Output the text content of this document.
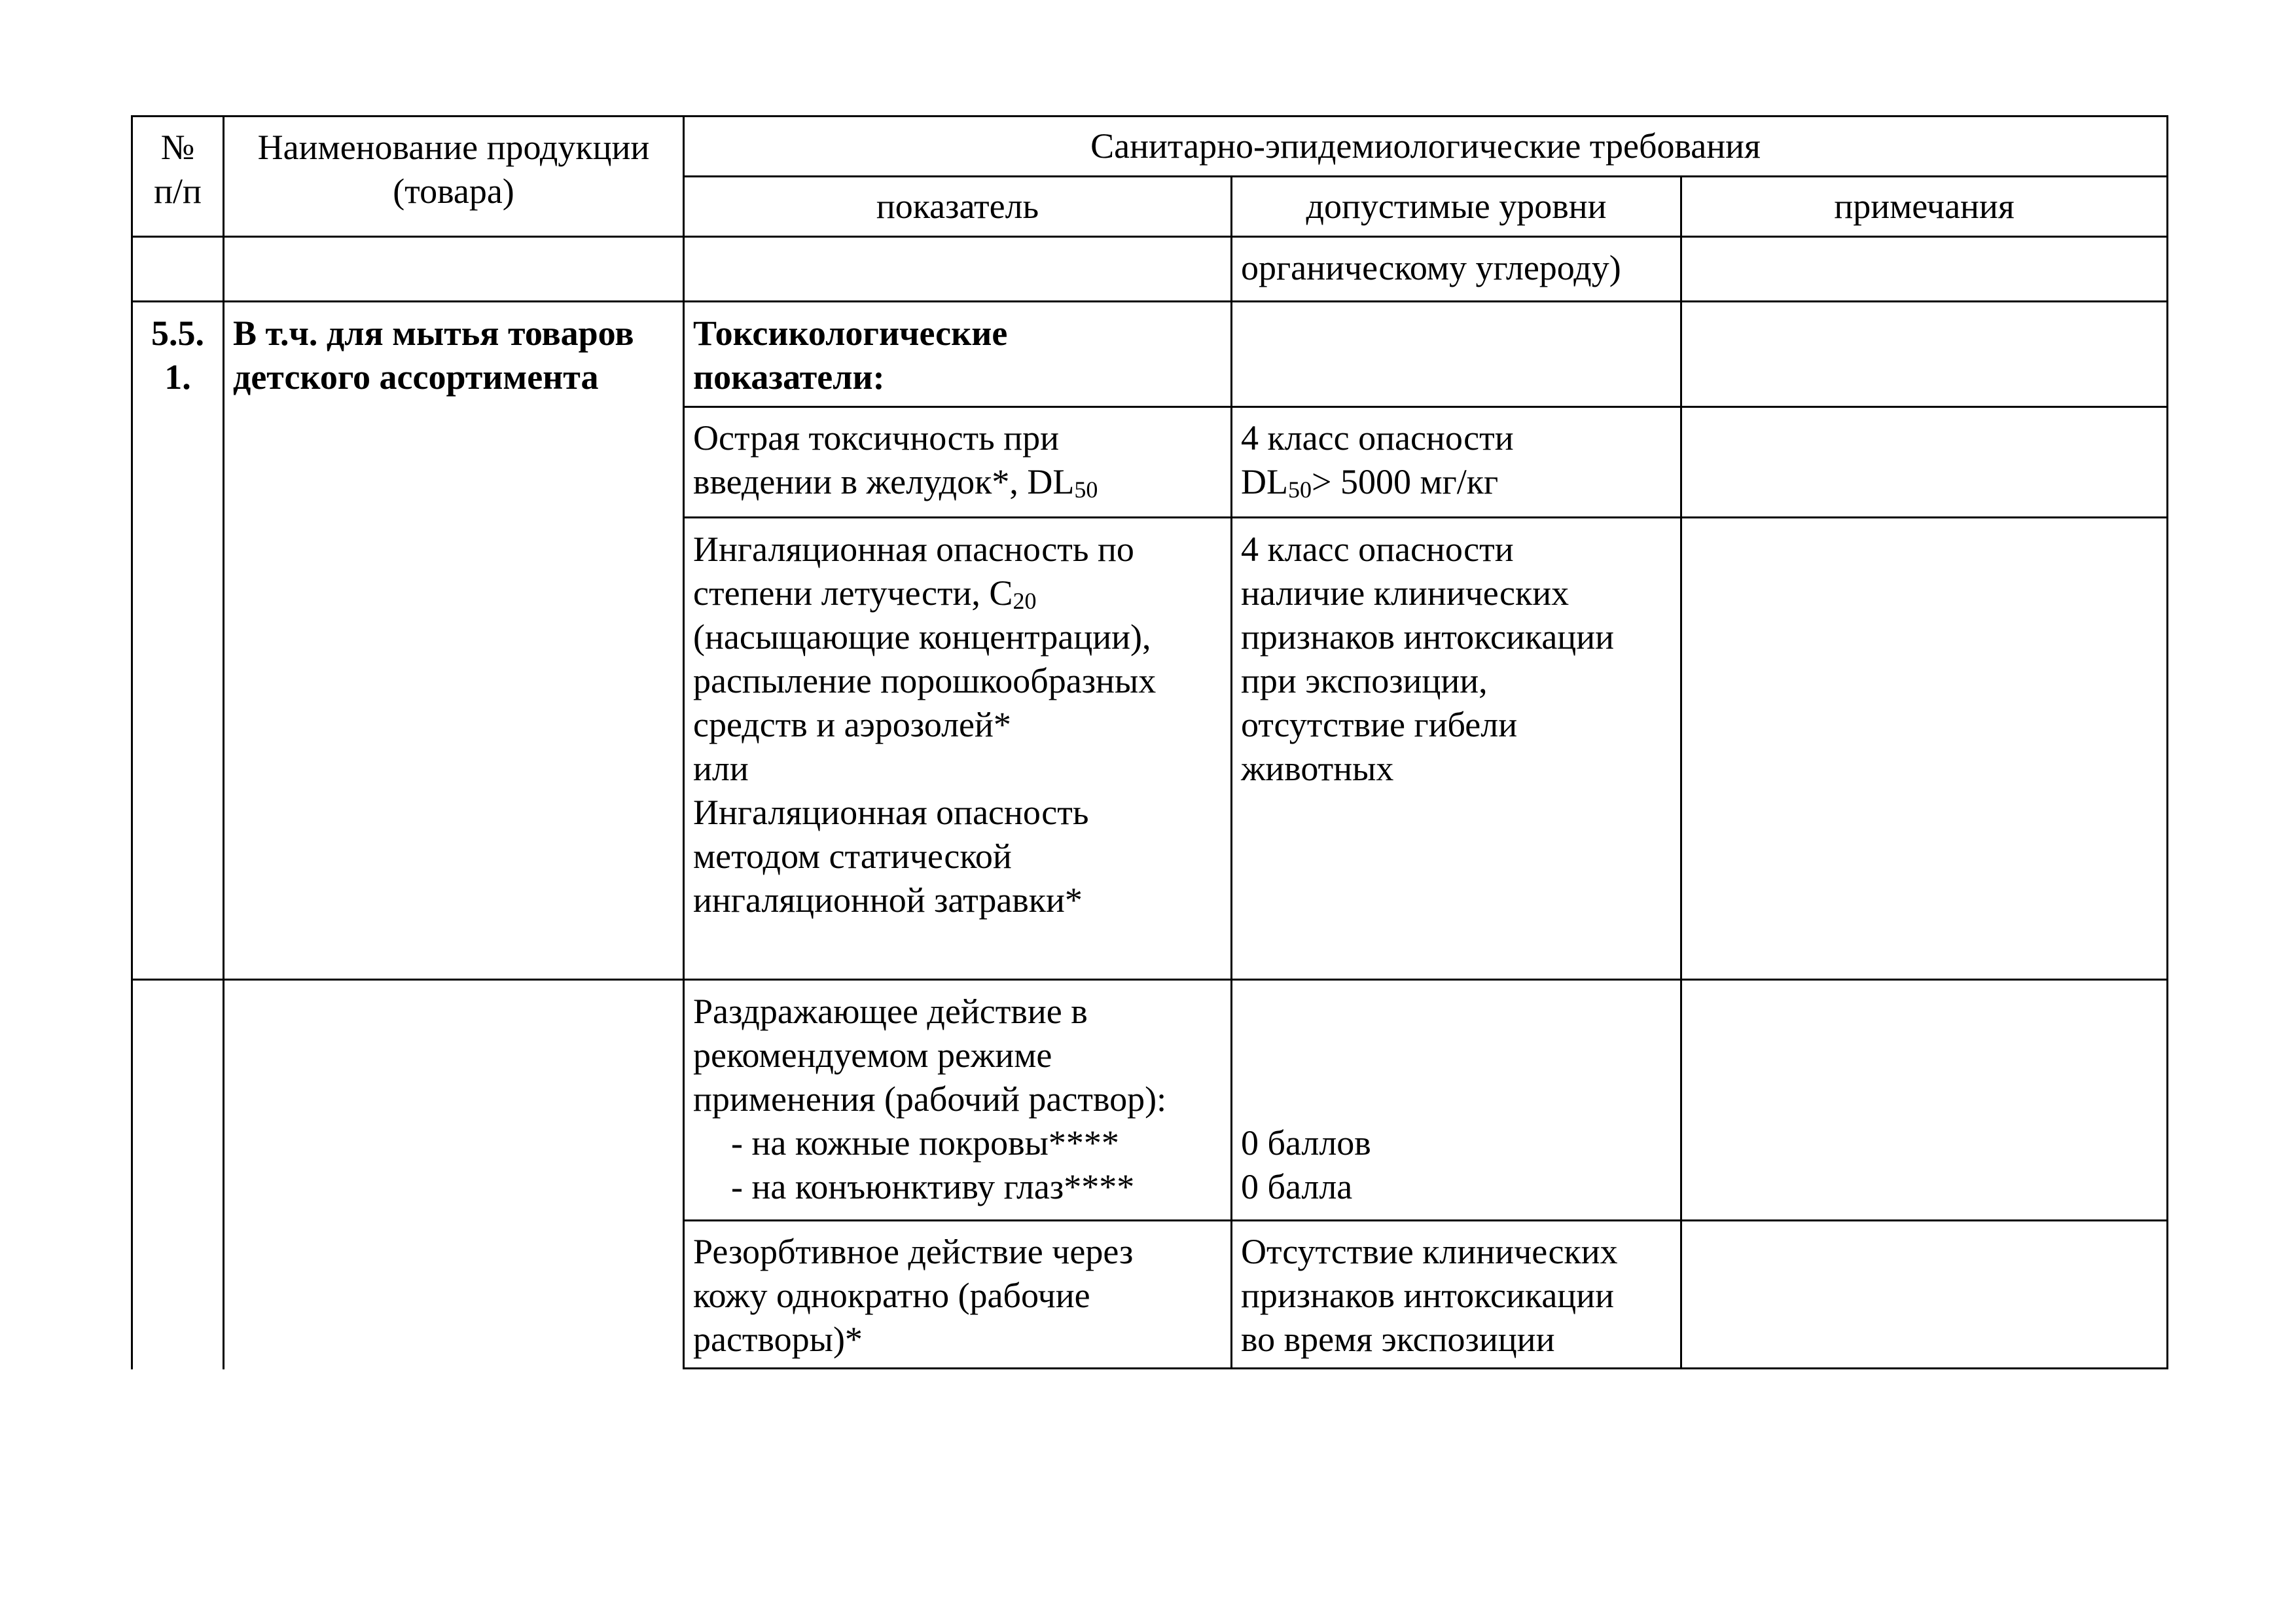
№
п/п
Наименование продукции
(товара)
Санитарно-эпидемиологические требования
показатель	допустимые уровни	примечания
органическому углероду)
5.5.
1.
В т.ч. для мытья товаров
детского ассортимента
Токсикологические
показатели:
Острая токсичность при
введении в желудок*, $DL_{50}$
4 класс опасности
$DL_{50}> 5000$ мг/кг
Ингаляционная опасность по
степени летучести, $С_{20}$
(насыщающие концентрации),
распыление порошкообразных
средств и аэрозолей*
или
Ингаляционная опасность
методом статической
ингаляционной затравки*
4 класс опасности
наличие клинических
признаков интоксикации
при экспозиции,
отсутствие гибели
животных
Раздражающее действие в
рекомендуемом режиме
применения (рабочий раствор):
- на кожные покровы****
- на конъюнктиву глаз****
0 баллов
0 балла
Резорбтивное действие через
кожу однократно (рабочие
растворы)*
Отсутствие клинических
признаков интоксикации
во время экспозиции
